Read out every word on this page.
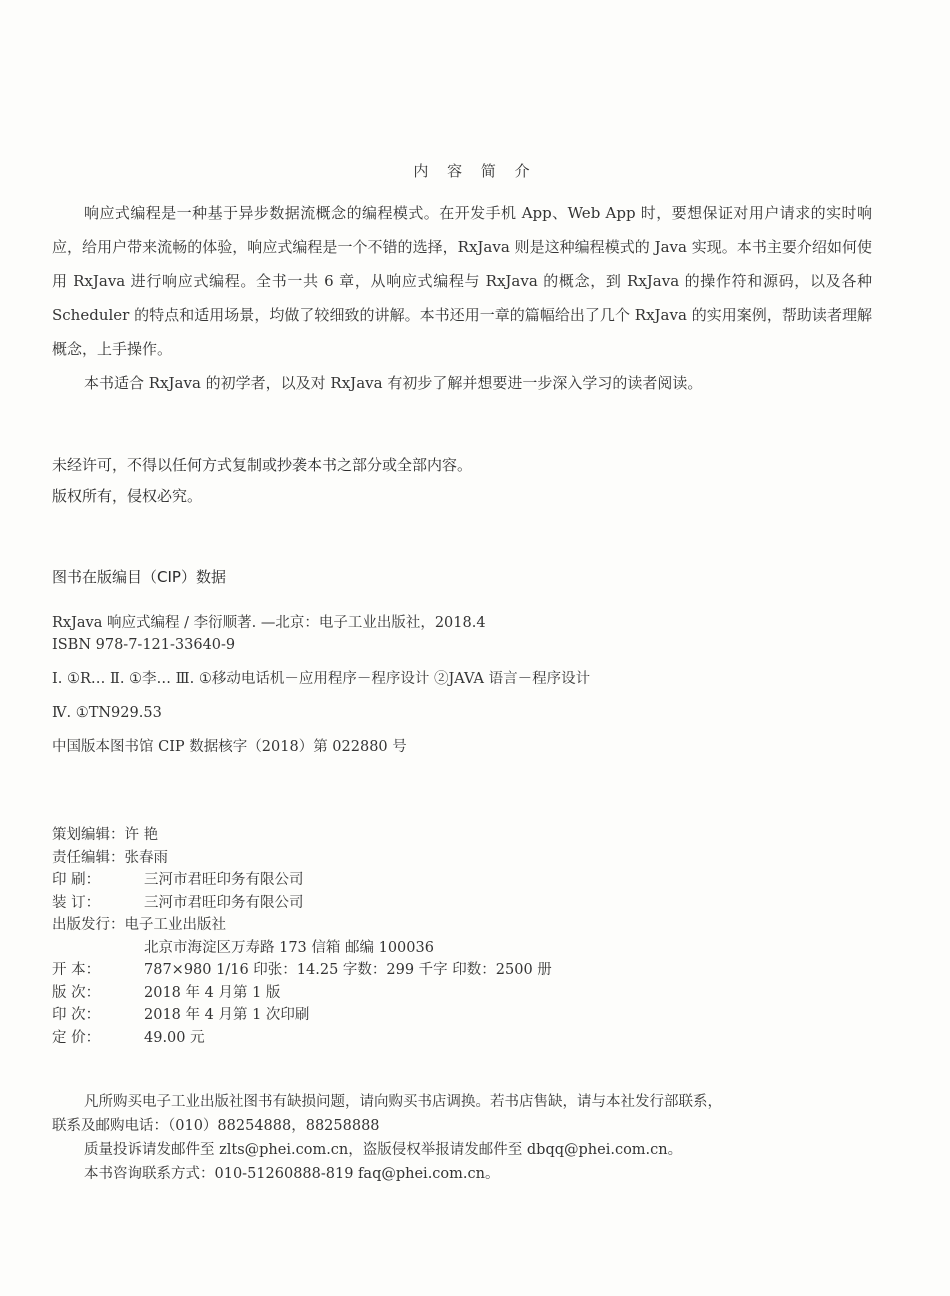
内 容 简 介

响应式编程是一种基于异步数据流概念的编程模式。在开发手机 App、Web App 时，要想保证对用户请求的实时响应，给用户带来流畅的体验，响应式编程是一个不错的选择，RxJava 则是这种编程模式的 Java 实现。本书主要介绍如何使用 RxJava 进行响应式编程。全书一共 6 章，从响应式编程与 RxJava 的概念，到 RxJava 的操作符和源码，以及各种 Scheduler 的特点和适用场景，均做了较细致的讲解。本书还用一章的篇幅给出了几个 RxJava 的实用案例，帮助读者理解概念，上手操作。

本书适合 RxJava 的初学者，以及对 RxJava 有初步了解并想要进一步深入学习的读者阅读。

未经许可，不得以任何方式复制或抄袭本书之部分或全部内容。
版权所有，侵权必究。
图书在版编目（CIP）数据
RxJava 响应式编程 / 李衍顺著. —北京：电子工业出版社，2018.4
ISBN 978-7-121-33640-9
Ⅰ. ①R… Ⅱ. ①李… Ⅲ. ①移动电话机－应用程序－程序设计 ②JAVA 语言－程序设计
Ⅳ. ①TN929.53
中国版本图书馆 CIP 数据核字（2018）第 022880 号
策划编辑： 许 艳
责任编辑： 张春雨
印 刷：	三河市君旺印务有限公司
装 订：	三河市君旺印务有限公司
出版发行： 电子工业出版社
北京市海淀区万寿路 173 信箱 邮编 100036
开 本：	787×980 1/16 印张：14.25 字数：299 千字 印数：2500 册
版 次：	2018 年 4 月第 1 版
印 次：	2018 年 4 月第 1 次印刷
定 价：	49.00 元
凡所购买电子工业出版社图书有缺损问题，请向购买书店调换。若书店售缺，请与本社发行部联系，
联系及邮购电话：（010）88254888，88258888
质量投诉请发邮件至 zlts@phei.com.cn，盗版侵权举报请发邮件至 dbqq@phei.com.cn。
本书咨询联系方式：010-51260888-819 faq@phei.com.cn。
